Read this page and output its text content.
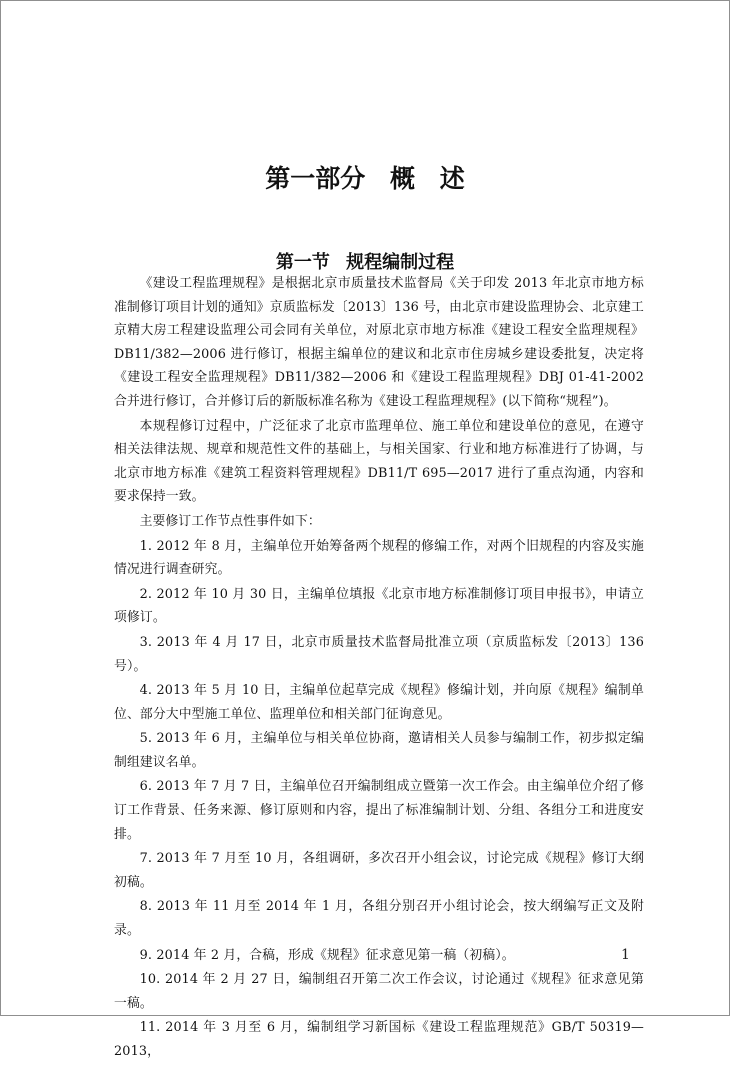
第一部分 概 述
第一节 规程编制过程

《建设工程监理规程》是根据北京市质量技术监督局《关于印发 2013 年北京市地方标准制修订项目计划的通知》京质监标发〔2013〕136 号，由北京市建设监理协会、北京建工京精大房工程建设监理公司会同有关单位，对原北京市地方标准《建设工程安全监理规程》DB11/382—2006 进行修订，根据主编单位的建议和北京市住房城乡建设委批复，决定将《建设工程安全监理规程》DB11/382—2006 和《建设工程监理规程》DBJ 01-41-2002 合并进行修订，合并修订后的新版标准名称为《建设工程监理规程》(以下简称“规程”)。

本规程修订过程中，广泛征求了北京市监理单位、施工单位和建设单位的意见，在遵守相关法律法规、规章和规范性文件的基础上，与相关国家、行业和地方标准进行了协调，与北京市地方标准《建筑工程资料管理规程》DB11/T 695—2017 进行了重点沟通，内容和要求保持一致。

主要修订工作节点性事件如下：

1. 2012 年 8 月，主编单位开始筹备两个规程的修编工作，对两个旧规程的内容及实施情况进行调查研究。

2. 2012 年 10 月 30 日，主编单位填报《北京市地方标准制修订项目申报书》，申请立项修订。

3. 2013 年 4 月 17 日，北京市质量技术监督局批准立项（京质监标发〔2013〕136 号）。

4. 2013 年 5 月 10 日，主编单位起草完成《规程》修编计划，并向原《规程》编制单位、部分大中型施工单位、监理单位和相关部门征询意见。

5. 2013 年 6 月，主编单位与相关单位协商，邀请相关人员参与编制工作，初步拟定编制组建议名单。

6. 2013 年 7 月 7 日，主编单位召开编制组成立暨第一次工作会。由主编单位介绍了修订工作背景、任务来源、修订原则和内容，提出了标准编制计划、分组、各组分工和进度安排。

7. 2013 年 7 月至 10 月，各组调研，多次召开小组会议，讨论完成《规程》修订大纲初稿。

8. 2013 年 11 月至 2014 年 1 月，各组分别召开小组讨论会，按大纲编写正文及附录。

9. 2014 年 2 月，合稿，形成《规程》征求意见第一稿（初稿）。

10. 2014 年 2 月 27 日，编制组召开第二次工作会议，讨论通过《规程》征求意见第一稿。

11. 2014 年 3 月至 6 月，编制组学习新国标《建设工程监理规范》GB/T 50319—2013，

1
